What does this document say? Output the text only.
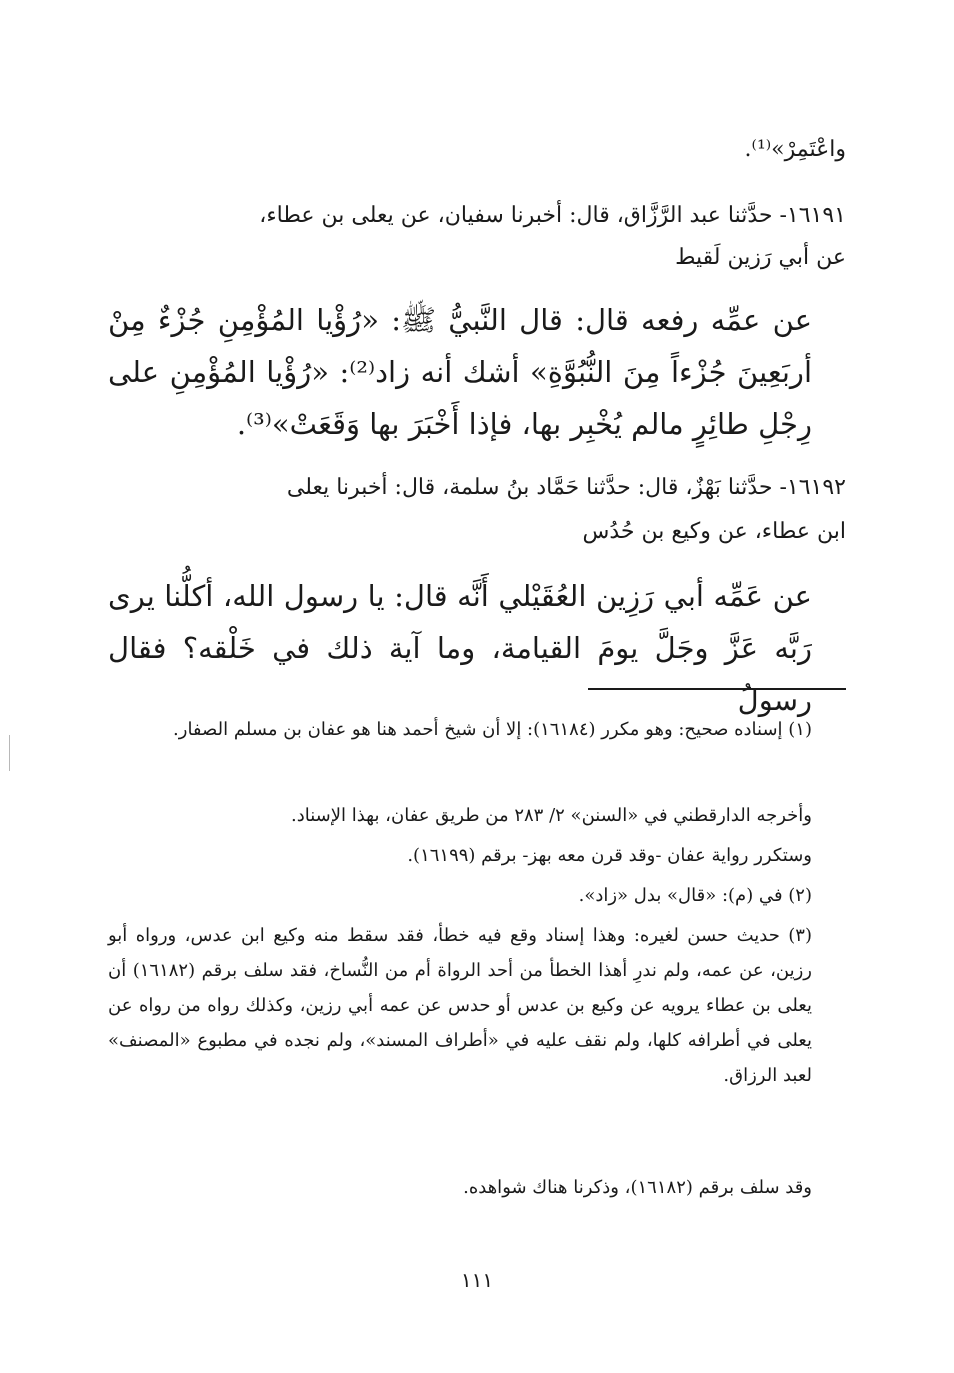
واعْتَمِرْ»⁽¹⁾.

١٦١٩١- حدَّثنا عبد الرَّزَّاق، قال: أخبرنا سفيان، عن يعلى بن عطاء،

عن أبي رَزين لَقيط

عن عمِّه رفعه قال: قال النَّبيُّ ﷺ: «رُؤْيا المُؤْمِنِ جُزْءٌ مِنْ أربَعِينَ جُزْءاً مِنَ النُّبُوَّةِ» أشك أنه زاد⁽²⁾: «رُؤْيا المُؤْمِنِ على رِجْلِ طائِرٍ مالم يُخْبِر بها، فإذا أَخْبَرَ بها وَقَعَتْ»⁽³⁾.

١٦١٩٢- حدَّثنا بَهْزٌ، قال: حدَّثنا حَمَّاد بنُ سلمة، قال: أخبرنا يعلى

ابن عطاء، عن وكيع بن حُدُس

عن عَمِّه أبي رَزِين العُقَيْلي أَنَّه قال: يا رسول الله، أكلُّنا يرى رَبَّه عَزَّ وجَلَّ يومَ القيامة، وما آية ذلك في خَلْقه؟ فقال رسولُ

(١) إسناده صحيح: وهو مكرر (١٦١٨٤): إلا أن شيخ أحمد هنا هو عفان بن مسلم الصفار.

وأخرجه الدارقطني في «السنن» ٢/ ٢٨٣ من طريق عفان، بهذا الإسناد.

وستكرر رواية عفان -وقد قرن معه بهز- برقم (١٦١٩٩).

(٢) في (م): «قال» بدل «زاد».

(٣) حديث حسن لغيره: وهذا إسناد وقع فيه خطأ، فقد سقط منه وكيع ابن عدس، ورواه أبو رزين، عن عمه، ولم ندرِ أهذا الخطأ من أحد الرواة أم من النُّساخ، فقد سلف برقم (١٦١٨٢) أن يعلى بن عطاء يرويه عن وكيع بن عدس أو حدس عن عمه أبي رزين، وكذلك رواه من رواه عن يعلى في أطرافه كلها، ولم نقف عليه في «أطراف المسند»، ولم نجده في مطبوع «المصنف» لعبد الرزاق.

وقد سلف برقم (١٦١٨٢)، وذكرنا هناك شواهده.

١١١
